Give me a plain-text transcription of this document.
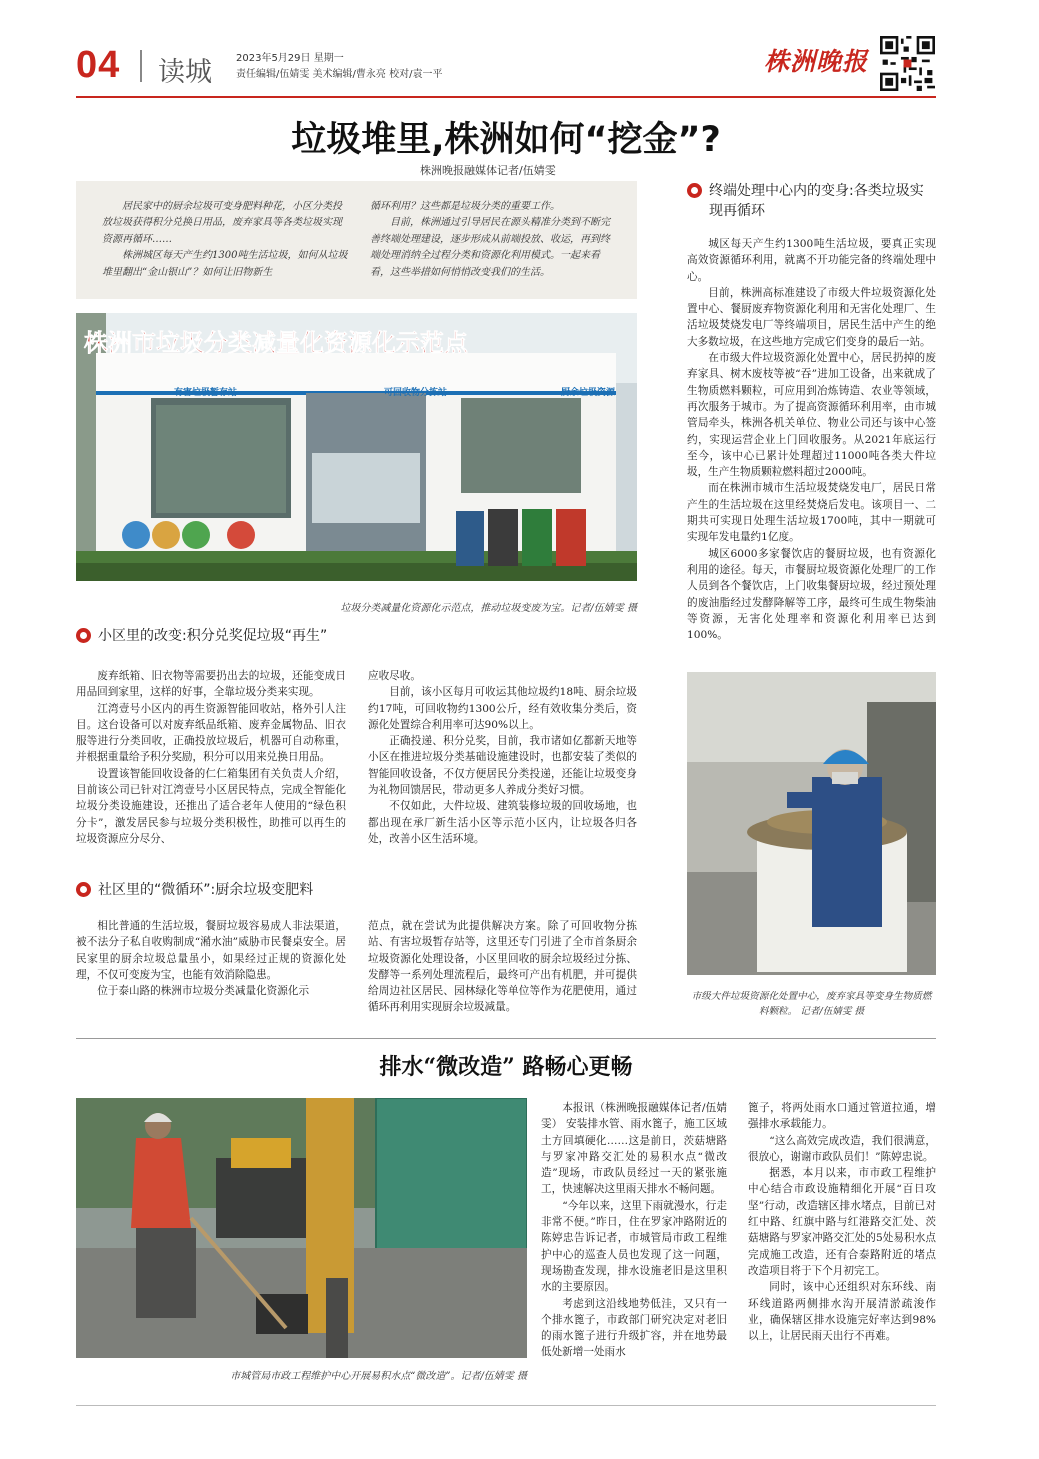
04 读城 2023年5月29日 星期一
责任编辑/伍婧雯 美术编辑/曹永亮 校对/袁一平	株洲晚报
垃圾堆里,株洲如何“挖金”?
株洲晚报融媒体记者/伍婧雯

居民家中的厨余垃圾可变身肥料种花，小区分类投放垃圾获得积分兑换日用品，废弃家具等各类垃圾实现资源再循环……

株洲城区每天产生约1300吨生活垃圾，如何从垃圾堆里翻出“金山银山”？如何让旧物新生

循环利用？这些都是垃圾分类的重要工作。

目前，株洲通过引导居民在源头精准分类到不断完善终端处理建设，逐步形成从前端投放、收运，再到终端处理消纳全过程分类和资源化利用模式。一起来看看，这些举措如何悄悄改变我们的生活。

株洲市垃圾分类减量化资源化示范点
有害垃圾暂存站	可回收物分拣站	厨余垃圾资源
垃圾分类减量化资源化示范点，推动垃圾变废为宝。记者/伍婧雯 摄
小区里的改变:积分兑奖促垃圾“再生”

废弃纸箱、旧衣物等需要扔出去的垃圾，还能变成日用品回到家里，这样的好事，全靠垃圾分类来实现。

江湾壹号小区内的再生资源智能回收站，格外引人注目。这台设备可以对废弃纸品纸箱、废弃金属物品、旧衣服等进行分类回收，正确投放垃圾后，机器可自动称重，并根据重量给予积分奖励，积分可以用来兑换日用品。

设置该智能回收设备的仁仁箱集团有关负责人介绍，目前该公司已针对江湾壹号小区居民特点，完成全智能化垃圾分类设施建设，还推出了适合老年人使用的“绿色积分卡”，激发居民参与垃圾分类积极性，助推可以再生的垃圾资源应分尽分、

应收尽收。

目前，该小区每月可收运其他垃圾约18吨、厨余垃圾约17吨，可回收物约1300公斤，经有效收集分类后，资源化处置综合利用率可达90%以上。

正确投递、积分兑奖，目前，我市诸如亿都新天地等小区在推进垃圾分类基础设施建设时，也都安装了类似的智能回收设备，不仅方便居民分类投递，还能让垃圾变身为礼物回馈居民，带动更多人养成分类好习惯。

不仅如此，大件垃圾、建筑装修垃圾的回收场地，也都出现在承厂新生活小区等示范小区内，让垃圾各归各处，改善小区生活环境。

社区里的“微循环”:厨余垃圾变肥料

相比普通的生活垃圾，餐厨垃圾容易成人非法渠道，被不法分子私自收购制成“潲水油”威胁市民餐桌安全。居民家里的厨余垃圾总量虽小，如果经过正规的资源化处理，不仅可变废为宝，也能有效消除隐患。

位于泰山路的株洲市垃圾分类减量化资源化示

范点，就在尝试为此提供解决方案。除了可回收物分拣站、有害垃圾暂存站等，这里还专门引进了全市首条厨余垃圾资源化处理设备，小区里回收的厨余垃圾经过分拣、发酵等一系列处理流程后，最终可产出有机肥，并可提供给周边社区居民、园林绿化等单位等作为花肥使用，通过循环再利用实现厨余垃圾减量。

终端处理中心内的变身:各类垃圾实现再循环

城区每天产生约1300吨生活垃圾，要真正实现高效资源循环利用，就离不开功能完备的终端处理中心。

目前，株洲高标准建设了市级大件垃圾资源化处置中心、餐厨废弃物资源化利用和无害化处理厂、生活垃圾焚烧发电厂等终端项目，居民生活中产生的绝大多数垃圾，在这些地方完成它们变身的最后一站。

在市级大件垃圾资源化处置中心，居民扔掉的废弃家具、树木废枝等被“吞”进加工设备，出来就成了生物质燃料颗粒，可应用到冶炼铸造、农业等领域，再次服务于城市。为了提高资源循环利用率，由市城管局牵头，株洲各机关单位、物业公司还与该中心签约，实现运营企业上门回收服务。从2021年底运行至今，该中心已累计处理超过11000吨各类大件垃圾，生产生物质颗粒燃料超过2000吨。

而在株洲市城市生活垃圾焚烧发电厂，居民日常产生的生活垃圾在这里经焚烧后发电。该项目一、二期共可实现日处理生活垃圾1700吨，其中一期就可实现年发电量约1亿度。

城区6000多家餐饮店的餐厨垃圾，也有资源化利用的途径。每天，市餐厨垃圾资源化处理厂的工作人员到各个餐饮店，上门收集餐厨垃圾，经过预处理的废油脂经过发酵降解等工序，最终可生成生物柴油等资源，无害化处理率和资源化利用率已达到100%。

市级大件垃圾资源化处置中心，废弃家具等变身生物质燃料颗粒。 记者/伍婧雯 摄
排水“微改造” 路畅心更畅
市城管局市政工程维护中心开展易积水点“微改造”。记者/伍婧雯 摄

本报讯（株洲晚报融媒体记者/伍婧雯） 安装排水管、雨水篦子，施工区域土方回填硬化……这是前日，茨菇塘路与罗家冲路交汇处的易积水点“微改造”现场，市政队员经过一天的紧张施工，快速解决这里雨天排水不畅问题。

“今年以来，这里下雨就漫水，行走非常不便。”昨日，住在罗家冲路附近的陈婷忠告诉记者，市城管局市政工程维护中心的巡查人员也发现了这一问题，现场勘查发现，排水设施老旧是这里积水的主要原因。

考虑到这沿线地势低洼，又只有一个排水篦子，市政部门研究决定对老旧的雨水篦子进行升级扩容，并在地势最低处新增一处雨水

篦子，将两处雨水口通过管道拉通，增强排水承载能力。

“这么高效完成改造，我们很满意，很放心，谢谢市政队员们！”陈婷忠说。

据悉，本月以来，市市政工程维护中心结合市政设施精细化开展“百日攻坚”行动，改造辖区排水堵点，目前已对红中路、红旗中路与红港路交汇处、茨菇塘路与罗家冲路交汇处的5处易积水点完成施工改造，还有合泰路附近的堵点改造项目将于下个月初完工。

同时，该中心还组织对东环线、南环线道路两侧排水沟开展清淤疏浚作业，确保辖区排水设施完好率达到98%以上，让居民雨天出行不再难。
